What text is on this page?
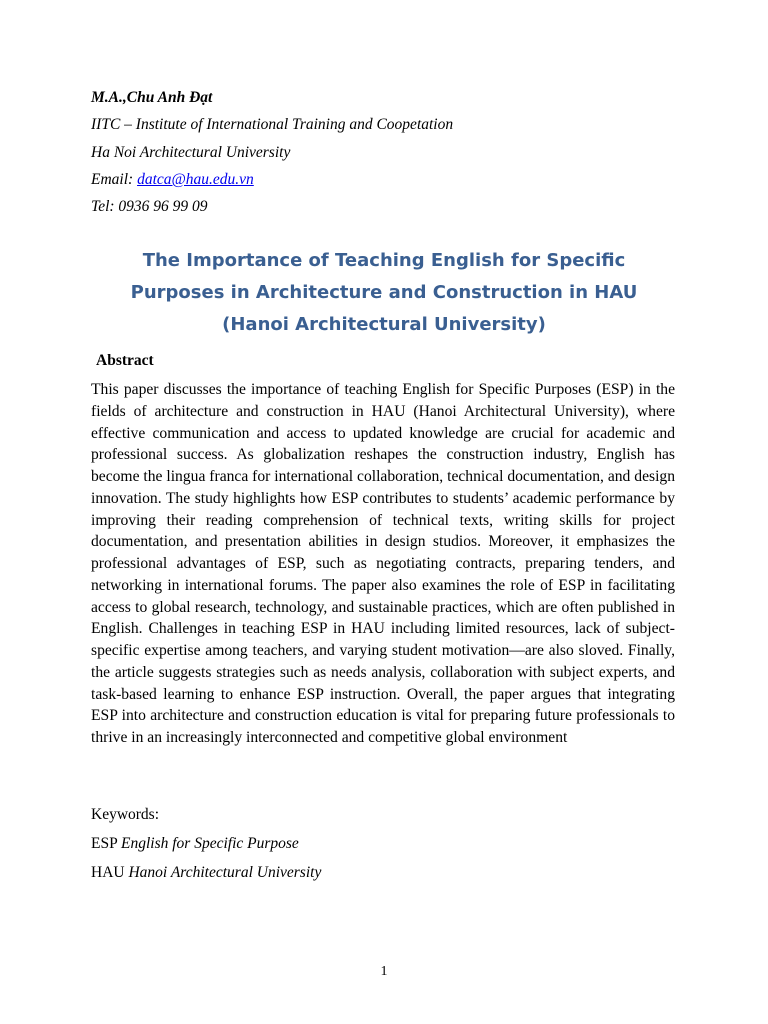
M.A.,Chu Anh Đạt
IITC – Institute of International Training and Coopetation
Ha Noi Architectural University
Email: datca@hau.edu.vn
Tel: 0936 96 99 09
The Importance of Teaching English for Specific
Purposes in Architecture and Construction in HAU
(Hanoi Architectural University)
Abstract
This paper discusses the importance of teaching English for Specific Purposes (ESP) in the fields of architecture and construction in HAU (Hanoi Architectural University), where effective communication and access to updated knowledge are crucial for academic and professional success. As globalization reshapes the construction industry, English has become the lingua franca for international collaboration, technical documentation, and design innovation. The study highlights how ESP contributes to students’ academic performance by improving their reading comprehension of technical texts, writing skills for project documentation, and presentation abilities in design studios. Moreover, it emphasizes the professional advantages of ESP, such as negotiating contracts, preparing tenders, and networking in international forums. The paper also examines the role of ESP in facilitating access to global research, technology, and sustainable practices, which are often published in English. Challenges in teaching ESP in HAU including limited resources, lack of subject-specific expertise among teachers, and varying student motivation—are also sloved. Finally, the article suggests strategies such as needs analysis, collaboration with subject experts, and task-based learning to enhance ESP instruction. Overall, the paper argues that integrating ESP into architecture and construction education is vital for preparing future professionals to thrive in an increasingly interconnected and competitive global environment
Keywords:
ESP English for Specific Purpose
HAU Hanoi Architectural University
1
